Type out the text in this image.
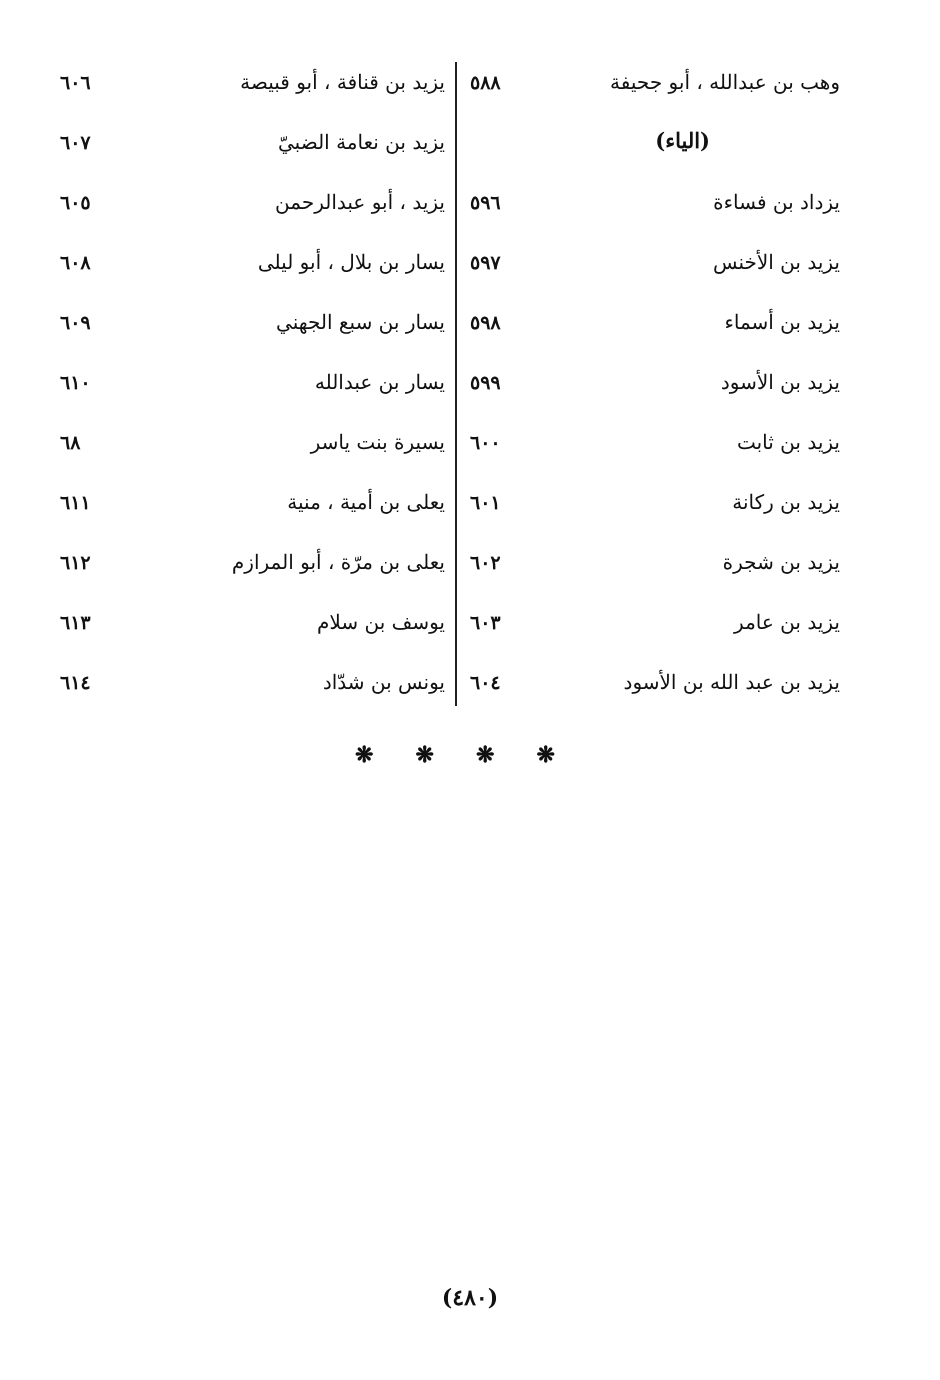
وهب بن عبدالله ، أبو جحيفة
٥٨٨
(الياء)
يزداد بن فساءة
٥٩٦
يزيد بن الأخنس
٥٩٧
يزيد بن أسماء
٥٩٨
يزيد بن الأسود
٥٩٩
يزيد بن ثابت
٦٠٠
يزيد بن ركانة
٦٠١
يزيد بن شجرة
٦٠٢
يزيد بن عامر
٦٠٣
يزيد بن عبد الله بن الأسود
٦٠٤
يزيد بن قنافة ، أبو قبيصة
٦٠٦
يزيد بن نعامة الضبيّ
٦٠٧
يزيد ، أبو عبدالرحمن
٦٠٥
يسار بن بلال ، أبو ليلى
٦٠٨
يسار بن سبع الجهني
٦٠٩
يسار بن عبدالله
٦١٠
يسيرة بنت ياسر
٦٨
يعلى بن أمية ، منية
٦١١
يعلى بن مرّة ، أبو المرازم
٦١٢
يوسف بن سلام
٦١٣
يونس بن شدّاد
٦١٤
❋ ❋ ❋ ❋
(٤٨٠)
